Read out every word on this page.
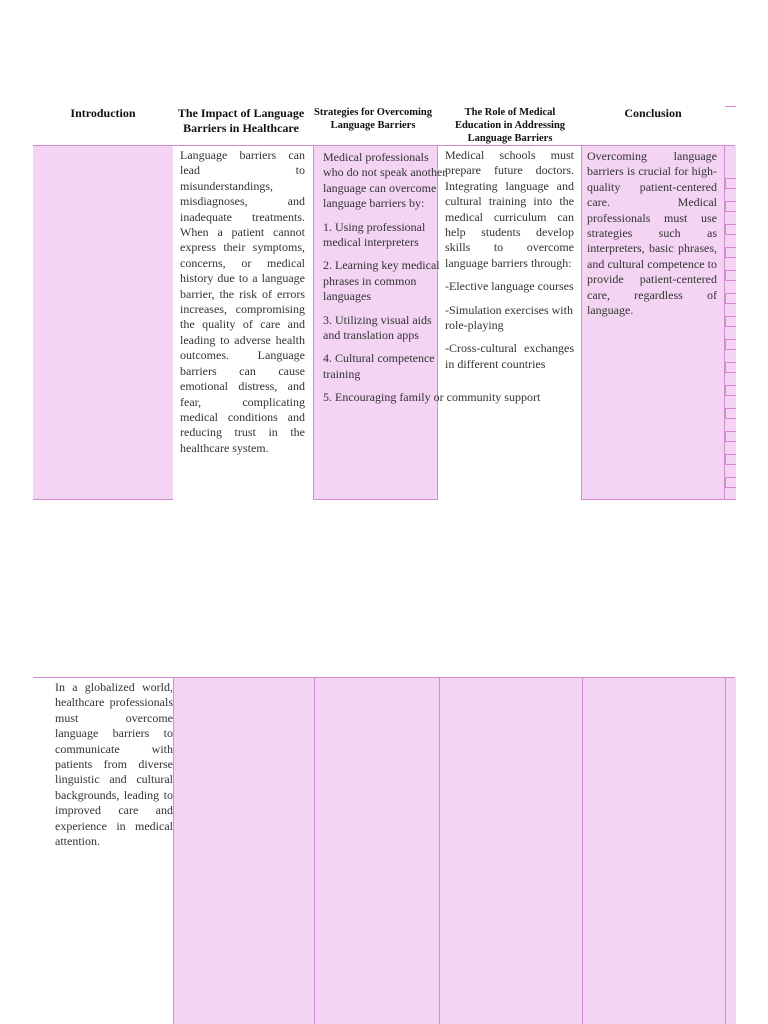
Introduction	The Impact of Language Barriers in Healthcare
Strategies for Overcoming Language Barriers
The Role of Medical Education in Addressing Language Barriers
Conclusion
Language barriers can lead to misunderstandings, misdiagnoses, and inadequate treatments. When a patient cannot express their symptoms, concerns, or medical history due to a language barrier, the risk of errors increases, compromising the quality of care and leading to adverse health outcomes. Language barriers can cause emotional distress, and fear, complicating medical conditions and reducing trust in the healthcare system.

Medical professionals who do not speak another language can overcome language barriers by:

1. Using professional medical interpreters

2. Learning key medical phrases in common languages

3. Utilizing visual aids and translation apps

4. Cultural competence training

5. Encouraging family or community support

Medical schools must prepare future doctors. Integrating language and cultural training into the medical curriculum can help students develop skills to overcome language barriers through:

-Elective language courses

-Simulation exercises with role-playing

-Cross-cultural exchanges in different countries

Overcoming language barriers is crucial for high-quality patient-centered care. Medical professionals must use strategies such as interpreters, basic phrases, and cultural competence to provide patient-centered care, regardless of language.
In a globalized world, healthcare professionals must overcome language barriers to communicate with patients from diverse linguistic and cultural backgrounds, leading to improved care and experience in medical attention.
